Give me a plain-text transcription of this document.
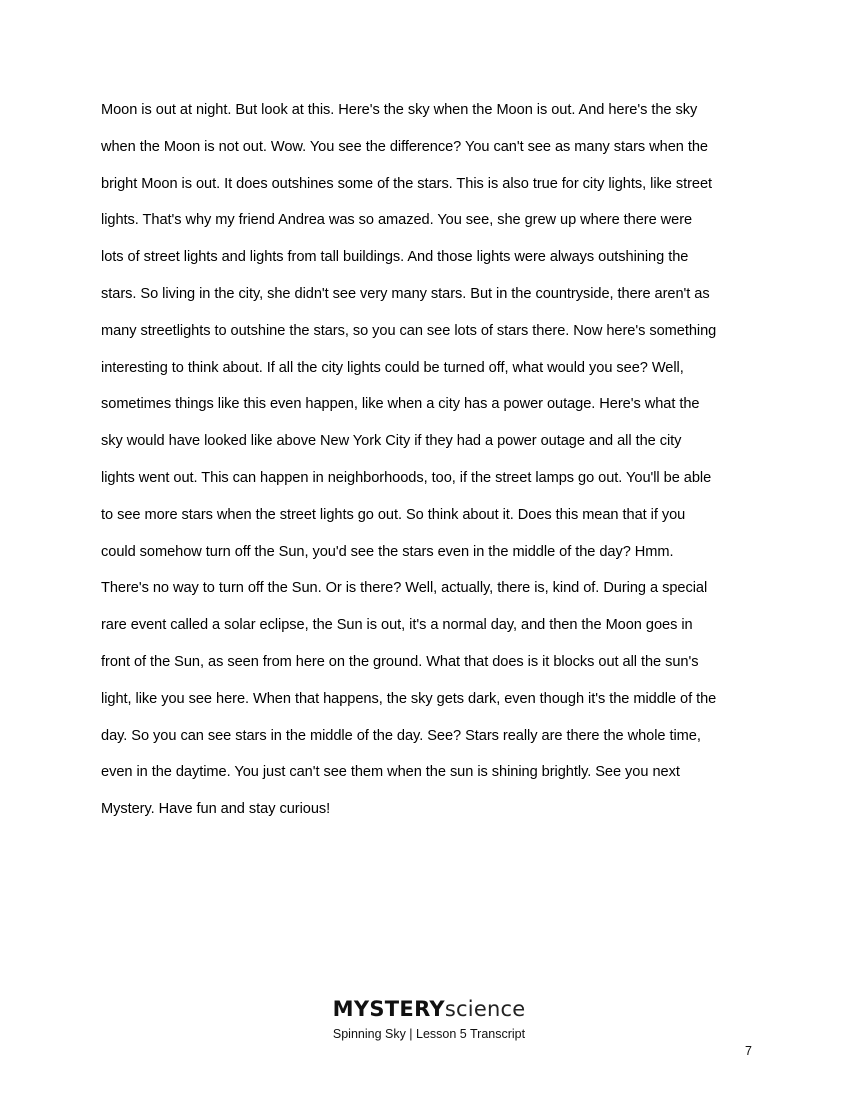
Moon is out at night. But look at this. Here's the sky when the Moon is out. And here's the sky
when the Moon is not out. Wow. You see the difference? You can't see as many stars when the
bright Moon is out. It does outshines some of the stars. This is also true for city lights, like street
lights. That's why my friend Andrea was so amazed. You see, she grew up where there were
lots of street lights and lights from tall buildings. And those lights were always outshining the
stars. So living in the city, she didn't see very many stars. But in the countryside, there aren't as
many streetlights to outshine the stars, so you can see lots of stars there. Now here's something
interesting to think about. If all the city lights could be turned off, what would you see? Well,
sometimes things like this even happen, like when a city has a power outage. Here's what the
sky would have looked like above New York City if they had a power outage and all the city
lights went out. This can happen in neighborhoods, too, if the street lamps go out. You'll be able
to see more stars when the street lights go out. So think about it. Does this mean that if you
could somehow turn off the Sun, you'd see the stars even in the middle of the day? Hmm.
There's no way to turn off the Sun. Or is there? Well, actually, there is, kind of. During a special
rare event called a solar eclipse, the Sun is out, it's a normal day, and then the Moon goes in
front of the Sun, as seen from here on the ground. What that does is it blocks out all the sun's
light, like you see here. When that happens, the sky gets dark, even though it's the middle of the
day. So you can see stars in the middle of the day. See? Stars really are there the whole time,
even in the daytime. You just can't see them when the sun is shining brightly. See you next
Mystery. Have fun and stay curious!
MYSTERYscience
Spinning Sky | Lesson 5 Transcript
7
